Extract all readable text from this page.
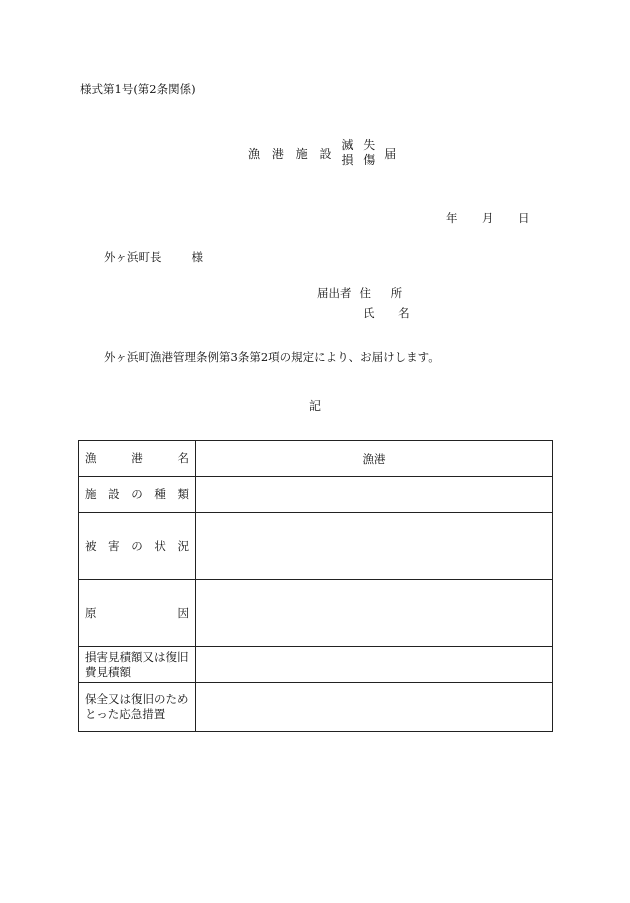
様式第1号(第2条関係)
漁 港 施 設
滅 失
損 傷 届
年 月 日
外ヶ浜町長	様
届出者 住 所
氏 名
外ヶ浜町漁港管理条例第3条第2項の規定により、お届けします。
記
漁 港 名	漁港

施 設 の 種 類	

被 害 の 状 況	

原 因	

損害見積額又は復旧費見積額	
保全又は復旧のためとった応急措置	
